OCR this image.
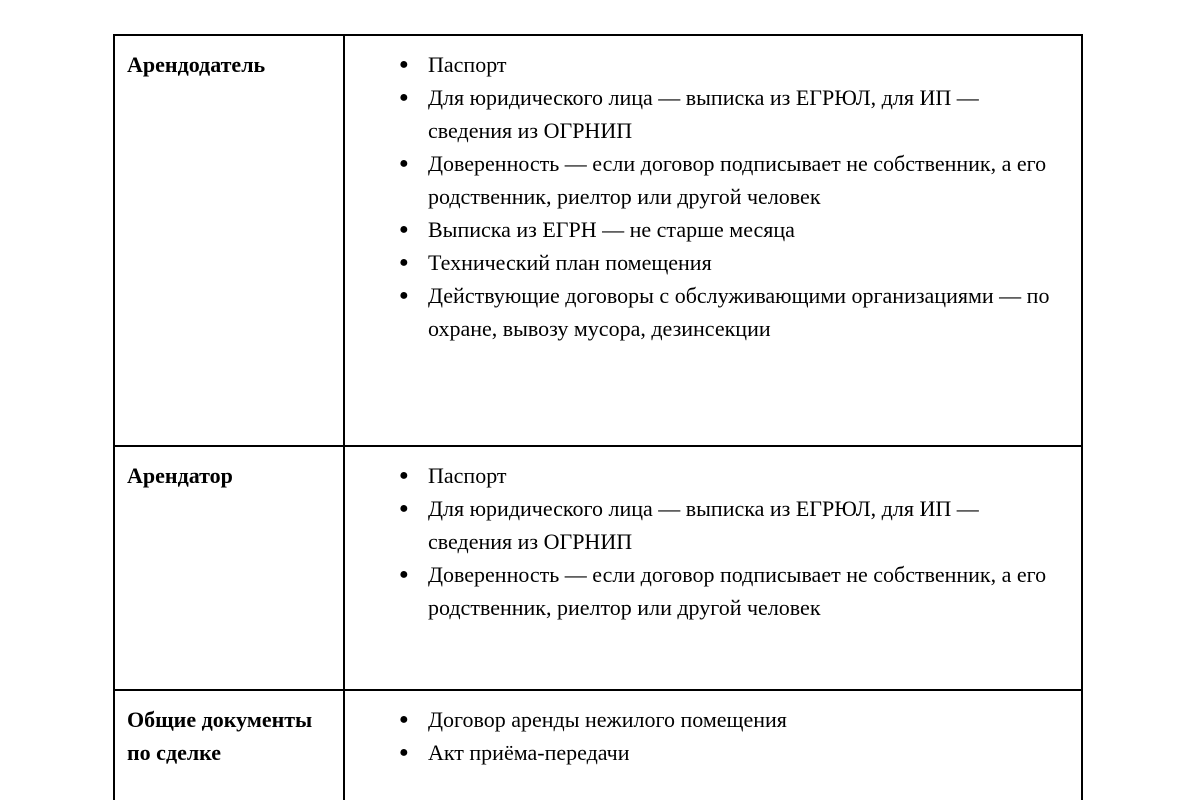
Арендодатель	
●Паспорт
● Для юридического лица — выписка из ЕГРЮЛ, для ИП — сведения из ОГРНИП
● Доверенность — если договор подписывает не собственник, а его родственник, риелтор или другой человек
● Выписка из ЕГРН — не старше месяца
● Технический план помещения
● Действующие договоры с обслуживающими организациями — по охране, вывозу мусора, дезинсекции

Арендатор	
●Паспорт
● Для юридического лица — выписка из ЕГРЮЛ, для ИП — сведения из ОГРНИП
● Доверенность — если договор подписывает не собственник, а его родственник, риелтор или другой человек

Общие документы по сделке	
● Договор аренды нежилого помещения
● Акт приёма-передачи
